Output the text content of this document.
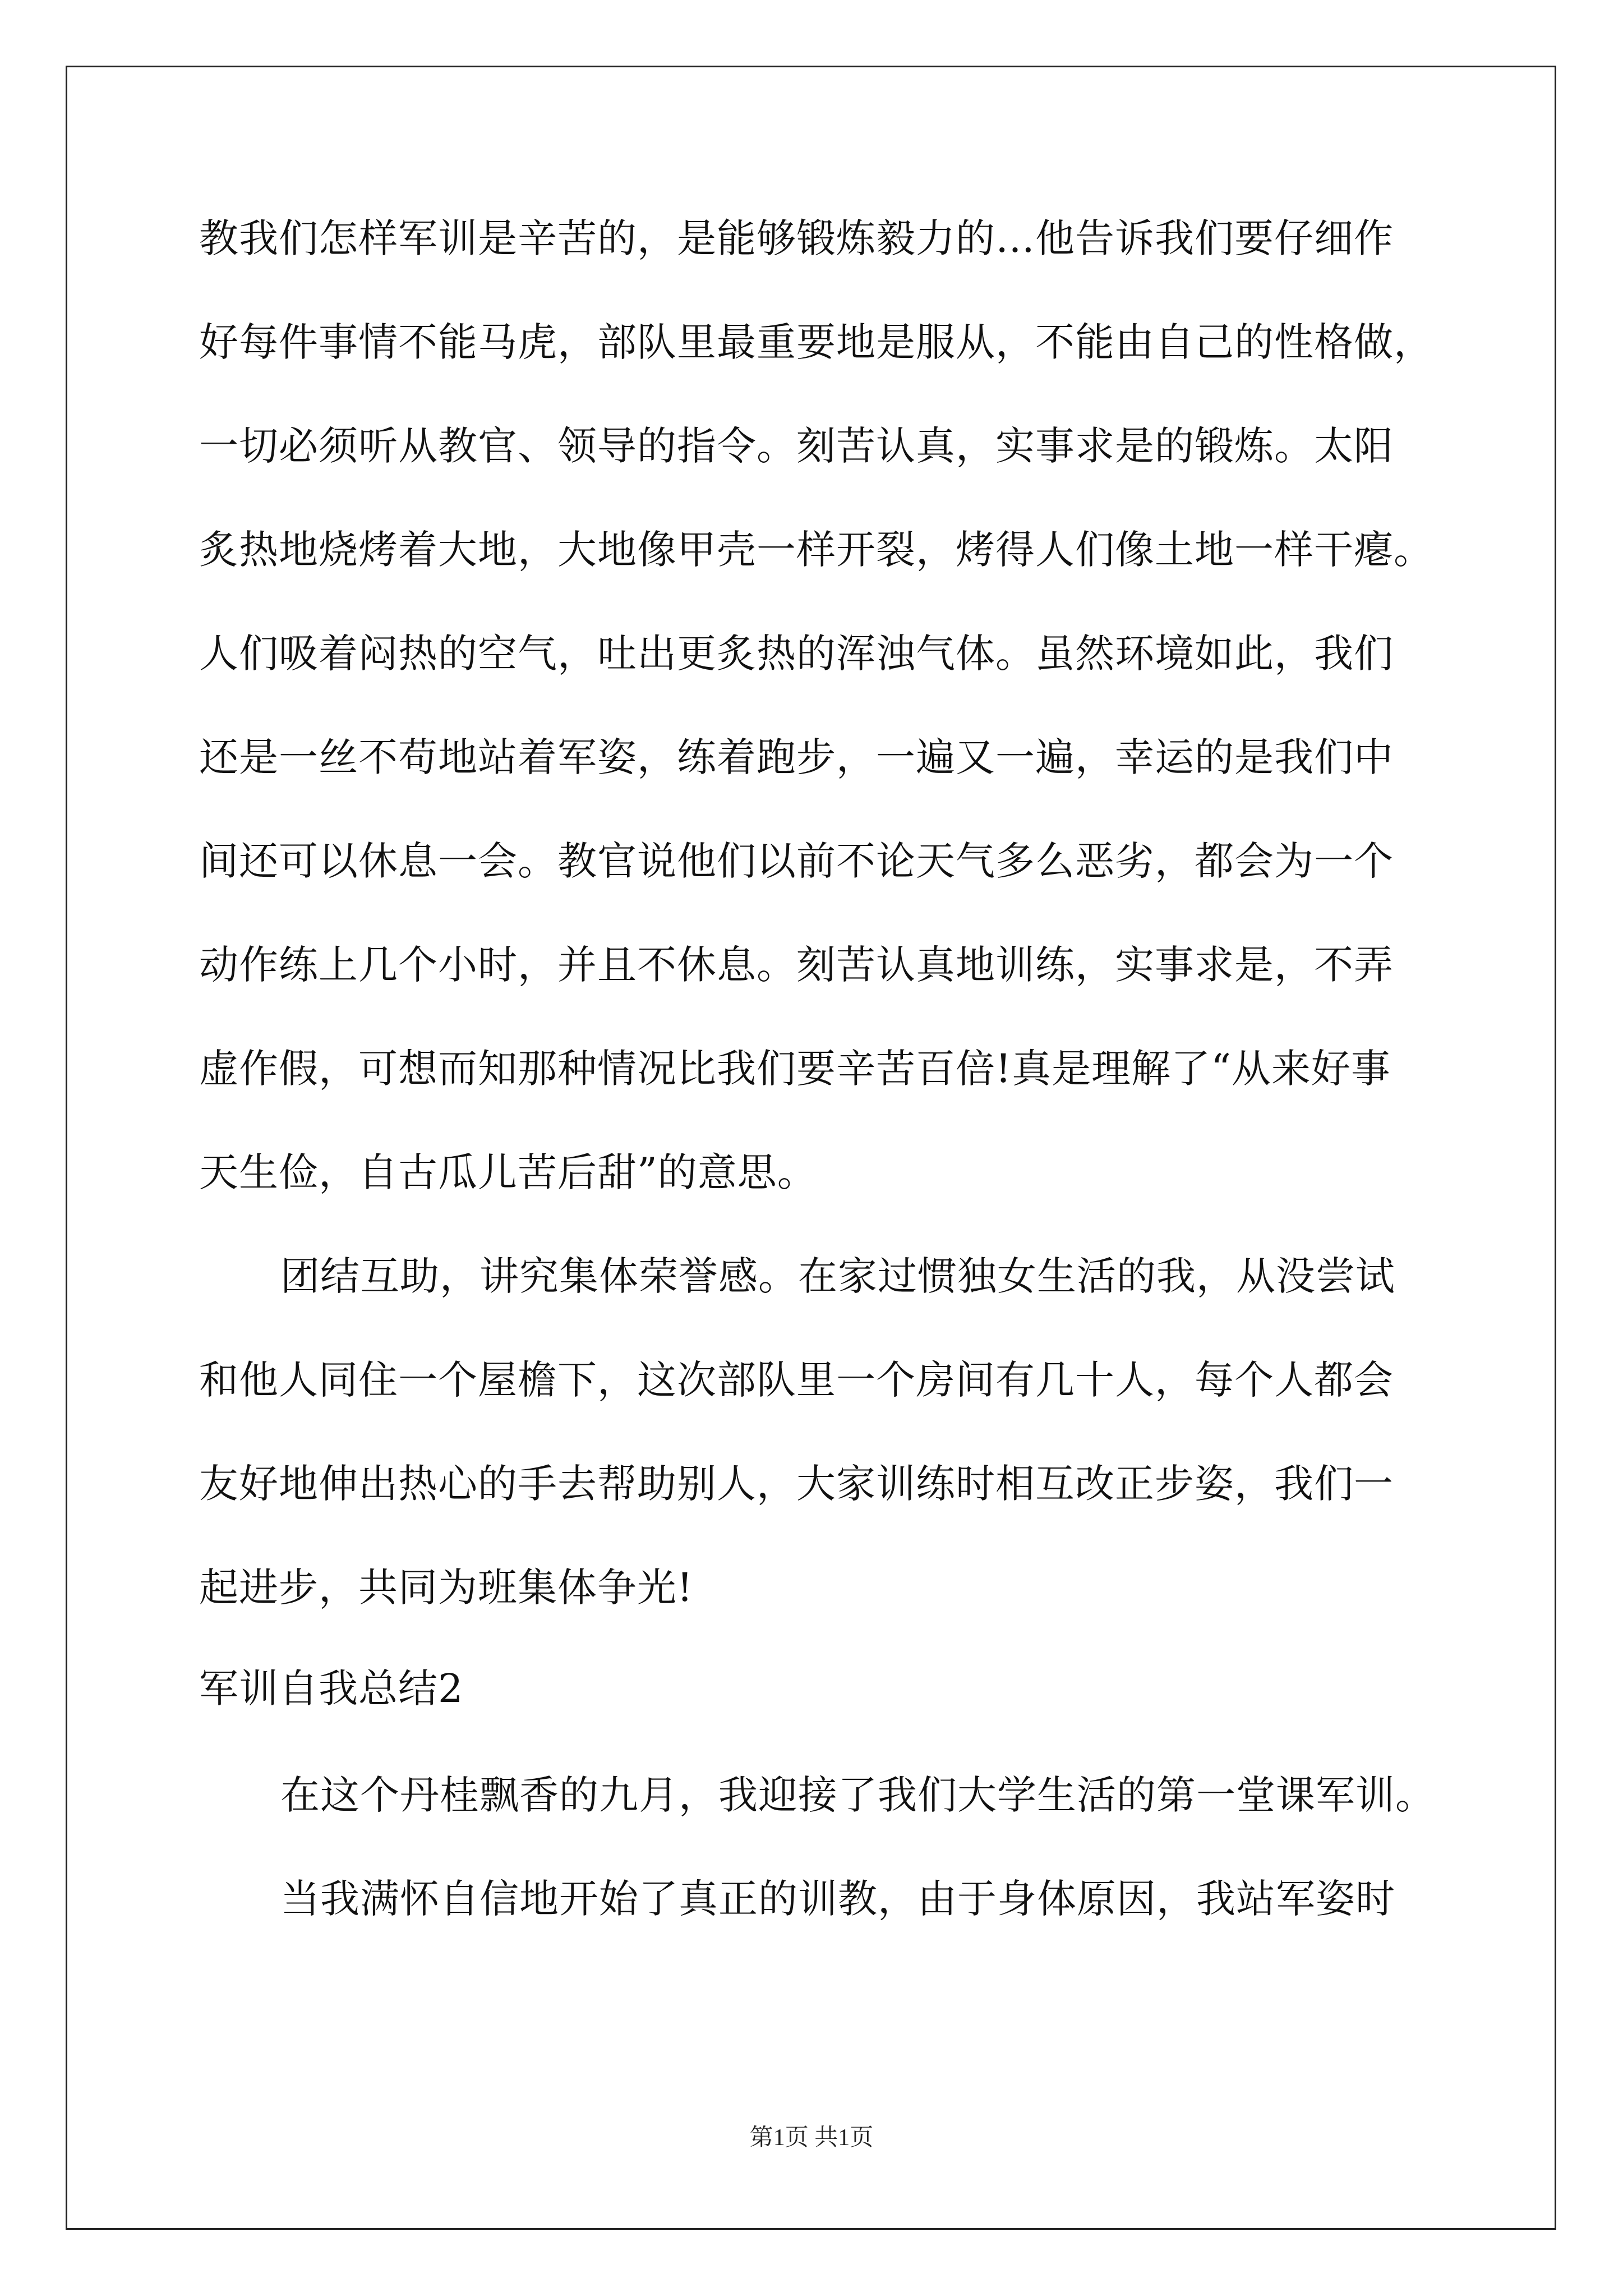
教我们怎样军训是辛苦的，是能够锻炼毅力的…他告诉我们要仔细作
好每件事情不能马虎，部队里最重要地是服从，不能由自己的性格做，
一切必须听从教官、领导的指令。刻苦认真，实事求是的锻炼。太阳
炙热地烧烤着大地，大地像甲壳一样开裂，烤得人们像土地一样干瘪。
人们吸着闷热的空气，吐出更炙热的浑浊气体。虽然环境如此，我们
还是一丝不苟地站着军姿，练着跑步，一遍又一遍，幸运的是我们中
间还可以休息一会。教官说他们以前不论天气多么恶劣，都会为一个
动作练上几个小时，并且不休息。刻苦认真地训练，实事求是，不弄
虚作假，可想而知那种情况比我们要辛苦百倍!真是理解了“从来好事
天生俭，自古瓜儿苦后甜”的意思。
团结互助，讲究集体荣誉感。在家过惯独女生活的我，从没尝试
和他人同住一个屋檐下，这次部队里一个房间有几十人，每个人都会
友好地伸出热心的手去帮助别人，大家训练时相互改正步姿，我们一
起进步，共同为班集体争光!
军训自我总结2
在这个丹桂飘香的九月，我迎接了我们大学生活的第一堂课军训。
当我满怀自信地开始了真正的训教，由于身体原因，我站军姿时
第1页 共1页
